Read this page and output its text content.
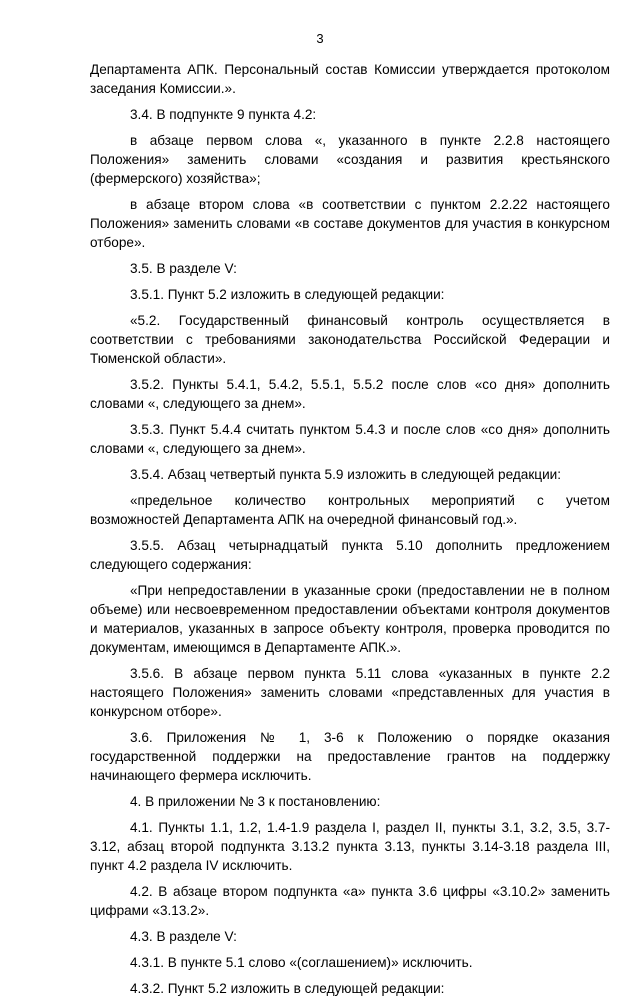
3

Департамента АПК. Персональный состав Комиссии утверждается протоколом заседания Комиссии.».

3.4. В подпункте 9 пункта 4.2:

в абзаце первом слова «, указанного в пункте 2.2.8 настоящего Положения» заменить словами «создания и развития крестьянского (фермерского) хозяйства»;

в абзаце втором слова «в соответствии с пунктом 2.2.22 настоящего Положения» заменить словами «в составе документов для участия в конкурсном отборе».

3.5. В разделе V:

3.5.1. Пункт 5.2 изложить в следующей редакции:

«5.2. Государственный финансовый контроль осуществляется в соответствии с требованиями законодательства Российской Федерации и Тюменской области».

3.5.2. Пункты 5.4.1, 5.4.2, 5.5.1, 5.5.2 после слов «со дня» дополнить словами «, следующего за днем».

3.5.3. Пункт 5.4.4 считать пунктом 5.4.3 и после слов «со дня» дополнить словами «, следующего за днем».

3.5.4. Абзац четвертый пункта 5.9 изложить в следующей редакции:

«предельное количество контрольных мероприятий с учетом возможностей Департамента АПК на очередной финансовый год.».

3.5.5. Абзац четырнадцатый пункта 5.10 дополнить предложением следующего содержания:

«При непредоставлении в указанные сроки (предоставлении не в полном объеме) или несвоевременном предоставлении объектами контроля документов и материалов, указанных в запросе объекту контроля, проверка проводится по документам, имеющимся в Департаменте АПК.».

3.5.6. В абзаце первом пункта 5.11 слова «указанных в пункте 2.2 настоящего Положения» заменить словами «представленных для участия в конкурсном отборе».

3.6. Приложения № 1, 3-6 к Положению о порядке оказания государственной поддержки на предоставление грантов на поддержку начинающего фермера исключить.

4. В приложении № 3 к постановлению:

4.1. Пункты 1.1, 1.2, 1.4-1.9 раздела I, раздел II, пункты 3.1, 3.2, 3.5, 3.7-3.12, абзац второй подпункта 3.13.2 пункта 3.13, пункты 3.14-3.18 раздела III, пункт 4.2 раздела IV исключить.

4.2. В абзаце втором подпункта «а» пункта 3.6 цифры «3.10.2» заменить цифрами «3.13.2».

4.3. В разделе V:

4.3.1. В пункте 5.1 слово «(соглашением)» исключить.

4.3.2. Пункт 5.2 изложить в следующей редакции:
